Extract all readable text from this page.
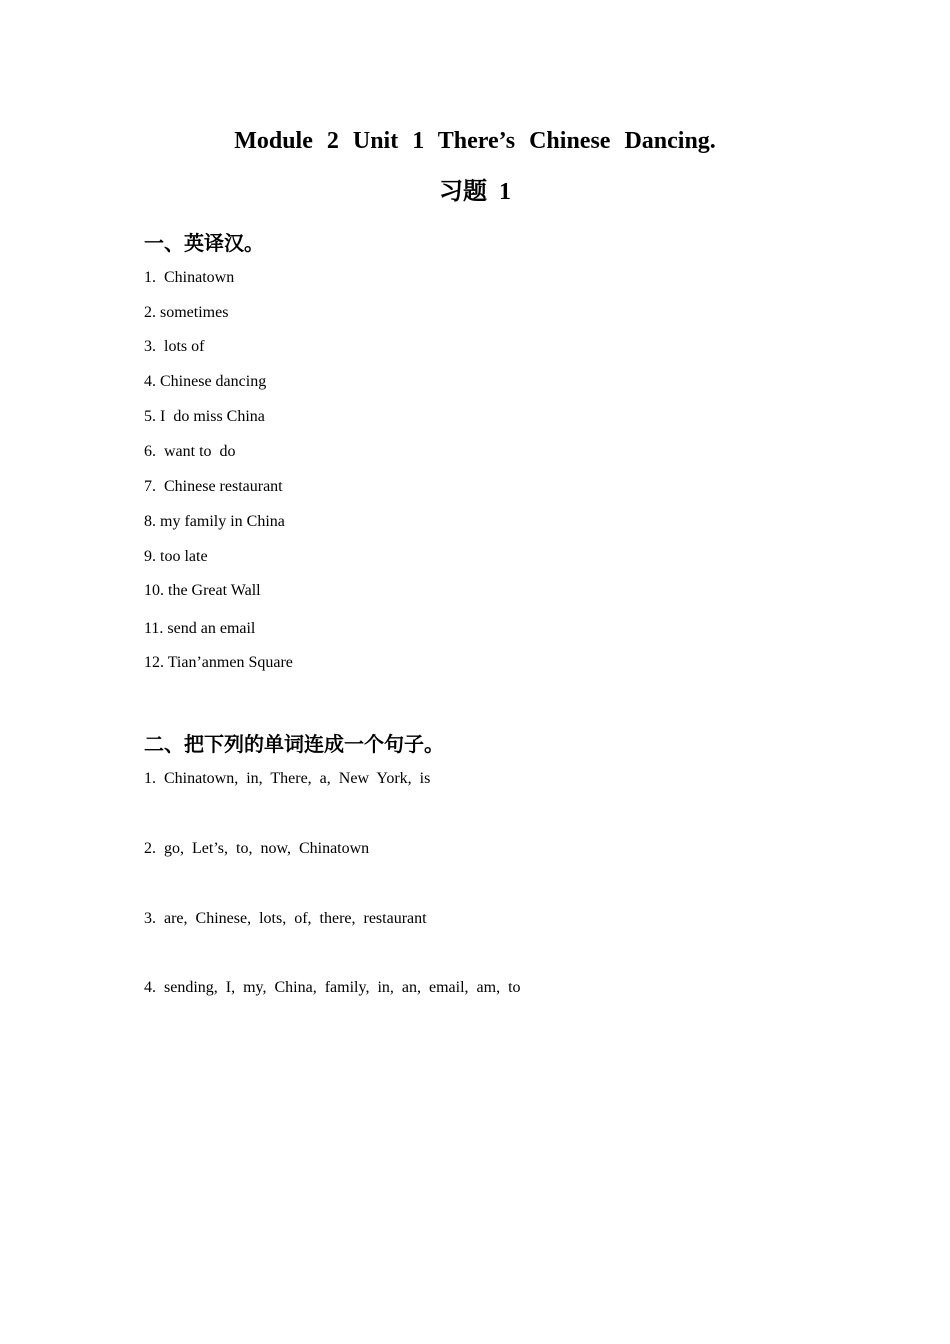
Module 2 Unit 1 There’s Chinese Dancing.
习题 1
一、英译汉。

1.  Chinatown

2. sometimes

3.  lots of

4. Chinese dancing

5. I  do miss China

6.  want to  do

7.  Chinese restaurant

8. my family in China

9. too late

10. the Great Wall

11. send an email

12. Tian’anmen Square

二、把下列的单词连成一个句子。

1.  Chinatown,  in,  There,  a,  New  York,  is

2.  go,  Let’s,  to,  now,  Chinatown

3.  are,  Chinese,  lots,  of,  there,  restaurant

4.  sending,  I,  my,  China,  family,  in,  an,  email,  am,  to
